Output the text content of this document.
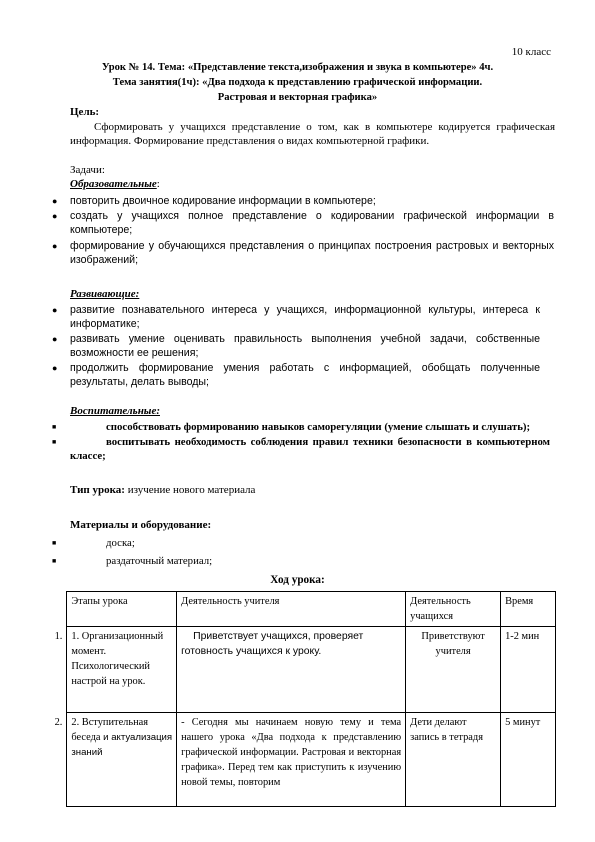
10 класс
Урок № 14. Тема: «Представление текста,изображения и звука в компьютере» 4ч.
Тема занятия(1ч): «Два подхода к представлению графической информации.
Растровая и векторная графика»
Цель:
Сформировать у учащихся представление о том, как в компьютере кодируется графическая информация. Формирование представления о видах компьютерной графики.
Задачи:
Образовательные:
● повторить двоичное кодирование информации в компьютере;
● создать у учащихся полное представление о кодировании графической информации в компьютере;
● формирование у обучающихся представления о принципах построения растровых и векторных изображений;
Развивающие:
● развитие познавательного интереса у учащихся, информационной культуры, интереса к информатике;
● развивать умение оценивать правильность выполнения учебной задачи, собственные возможности ее решения;
● продолжить формирование умения работать с информацией, обобщать полученные результаты, делать выводы;
Воспитательные:
■	способствовать формированию навыков саморегуляции (умение слышать и слушать);
■	воспитывать необходимость соблюдения правил техники безопасности в компьютерном классе;
Тип урока: изучение нового материала
Материалы и оборудование:
■	доска;
■	раздаточный материал;
Ход урока:
	Этапы урока	Деятельность учителя	Деятельность учащихся	Время
1.	1. Организационный момент. Психологический настрой на урок.	Приветствует учащихся, проверяет готовность учащихся к уроку.	Приветствуют учителя	1-2 мин
2.	2. Вступительная беседа и актуализация знаний	- Сегодня мы начинаем новую тему и тема нашего урока «Два подхода к представлению графической информации. Растровая и векторная графика». Перед тем как приступить к изучению новой темы, повторим	Дети делают запись в тетрадя	5 минут
